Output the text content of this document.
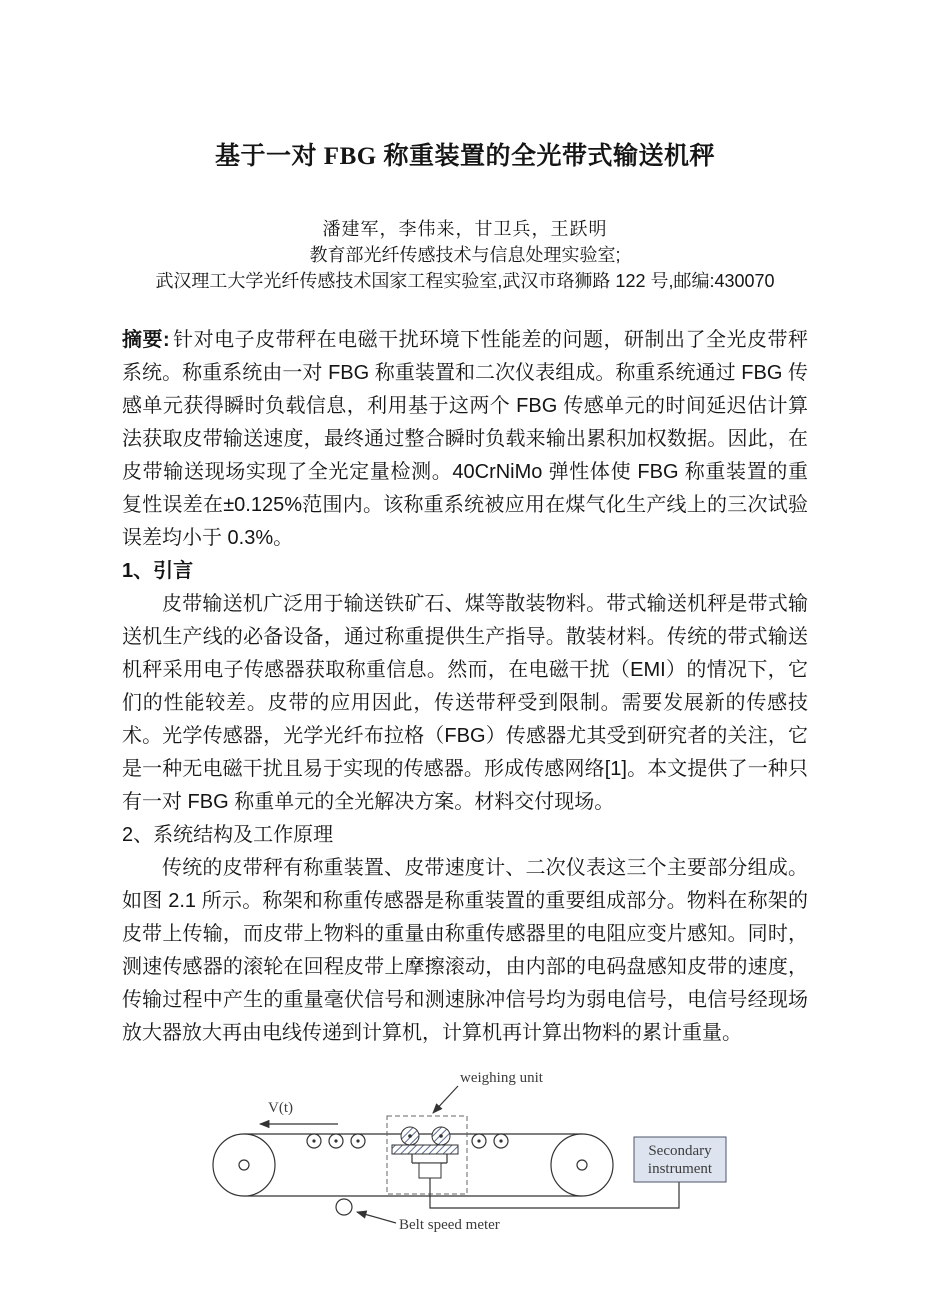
基于一对 FBG 称重装置的全光带式输送机秤
潘建军，李伟来，甘卫兵，王跃明
教育部光纤传感技术与信息处理实验室;
武汉理工大学光纤传感技术国家工程实验室,武汉市珞狮路 122 号,邮编:430070

摘要: 针对电子皮带秤在电磁干扰环境下性能差的问题，研制出了全光皮带秤系统。称重系统由一对 FBG 称重装置和二次仪表组成。称重系统通过 FBG 传感单元获得瞬时负载信息，利用基于这两个 FBG 传感单元的时间延迟估计算法获取皮带输送速度，最终通过整合瞬时负载来输出累积加权数据。因此，在皮带输送现场实现了全光定量检测。40CrNiMo 弹性体使 FBG 称重装置的重复性误差在±0.125%范围内。该称重系统被应用在煤气化生产线上的三次试验误差均小于 0.3%。

1、引言

皮带输送机广泛用于输送铁矿石、煤等散装物料。带式输送机秤是带式输送机生产线的必备设备，通过称重提供生产指导。散装材料。传统的带式输送机秤采用电子传感器获取称重信息。然而，在电磁干扰（EMI）的情况下，它们的性能较差。皮带的应用因此，传送带秤受到限制。需要发展新的传感技术。光学传感器，光学光纤布拉格（FBG）传感器尤其受到研究者的关注，它是一种无电磁干扰且易于实现的传感器。形成传感网络[1]。本文提供了一种只有一对 FBG 称重单元的全光解决方案。材料交付现场。

2、系统结构及工作原理

传统的皮带秤有称重装置、皮带速度计、二次仪表这三个主要部分组成。如图 2.1 所示。称架和称重传感器是称重装置的重要组成部分。物料在称架的皮带上传输，而皮带上物料的重量由称重传感器里的电阻应变片感知。同时，测速传感器的滚轮在回程皮带上摩擦滚动，由内部的电码盘感知皮带的速度，传输过程中产生的重量毫伏信号和测速脉冲信号均为弱电信号，电信号经现场放大器放大再由电线传递到计算机，计算机再计算出物料的累计重量。

Secondary
instrument
Belt speed meter
weighing unit
V(t)
